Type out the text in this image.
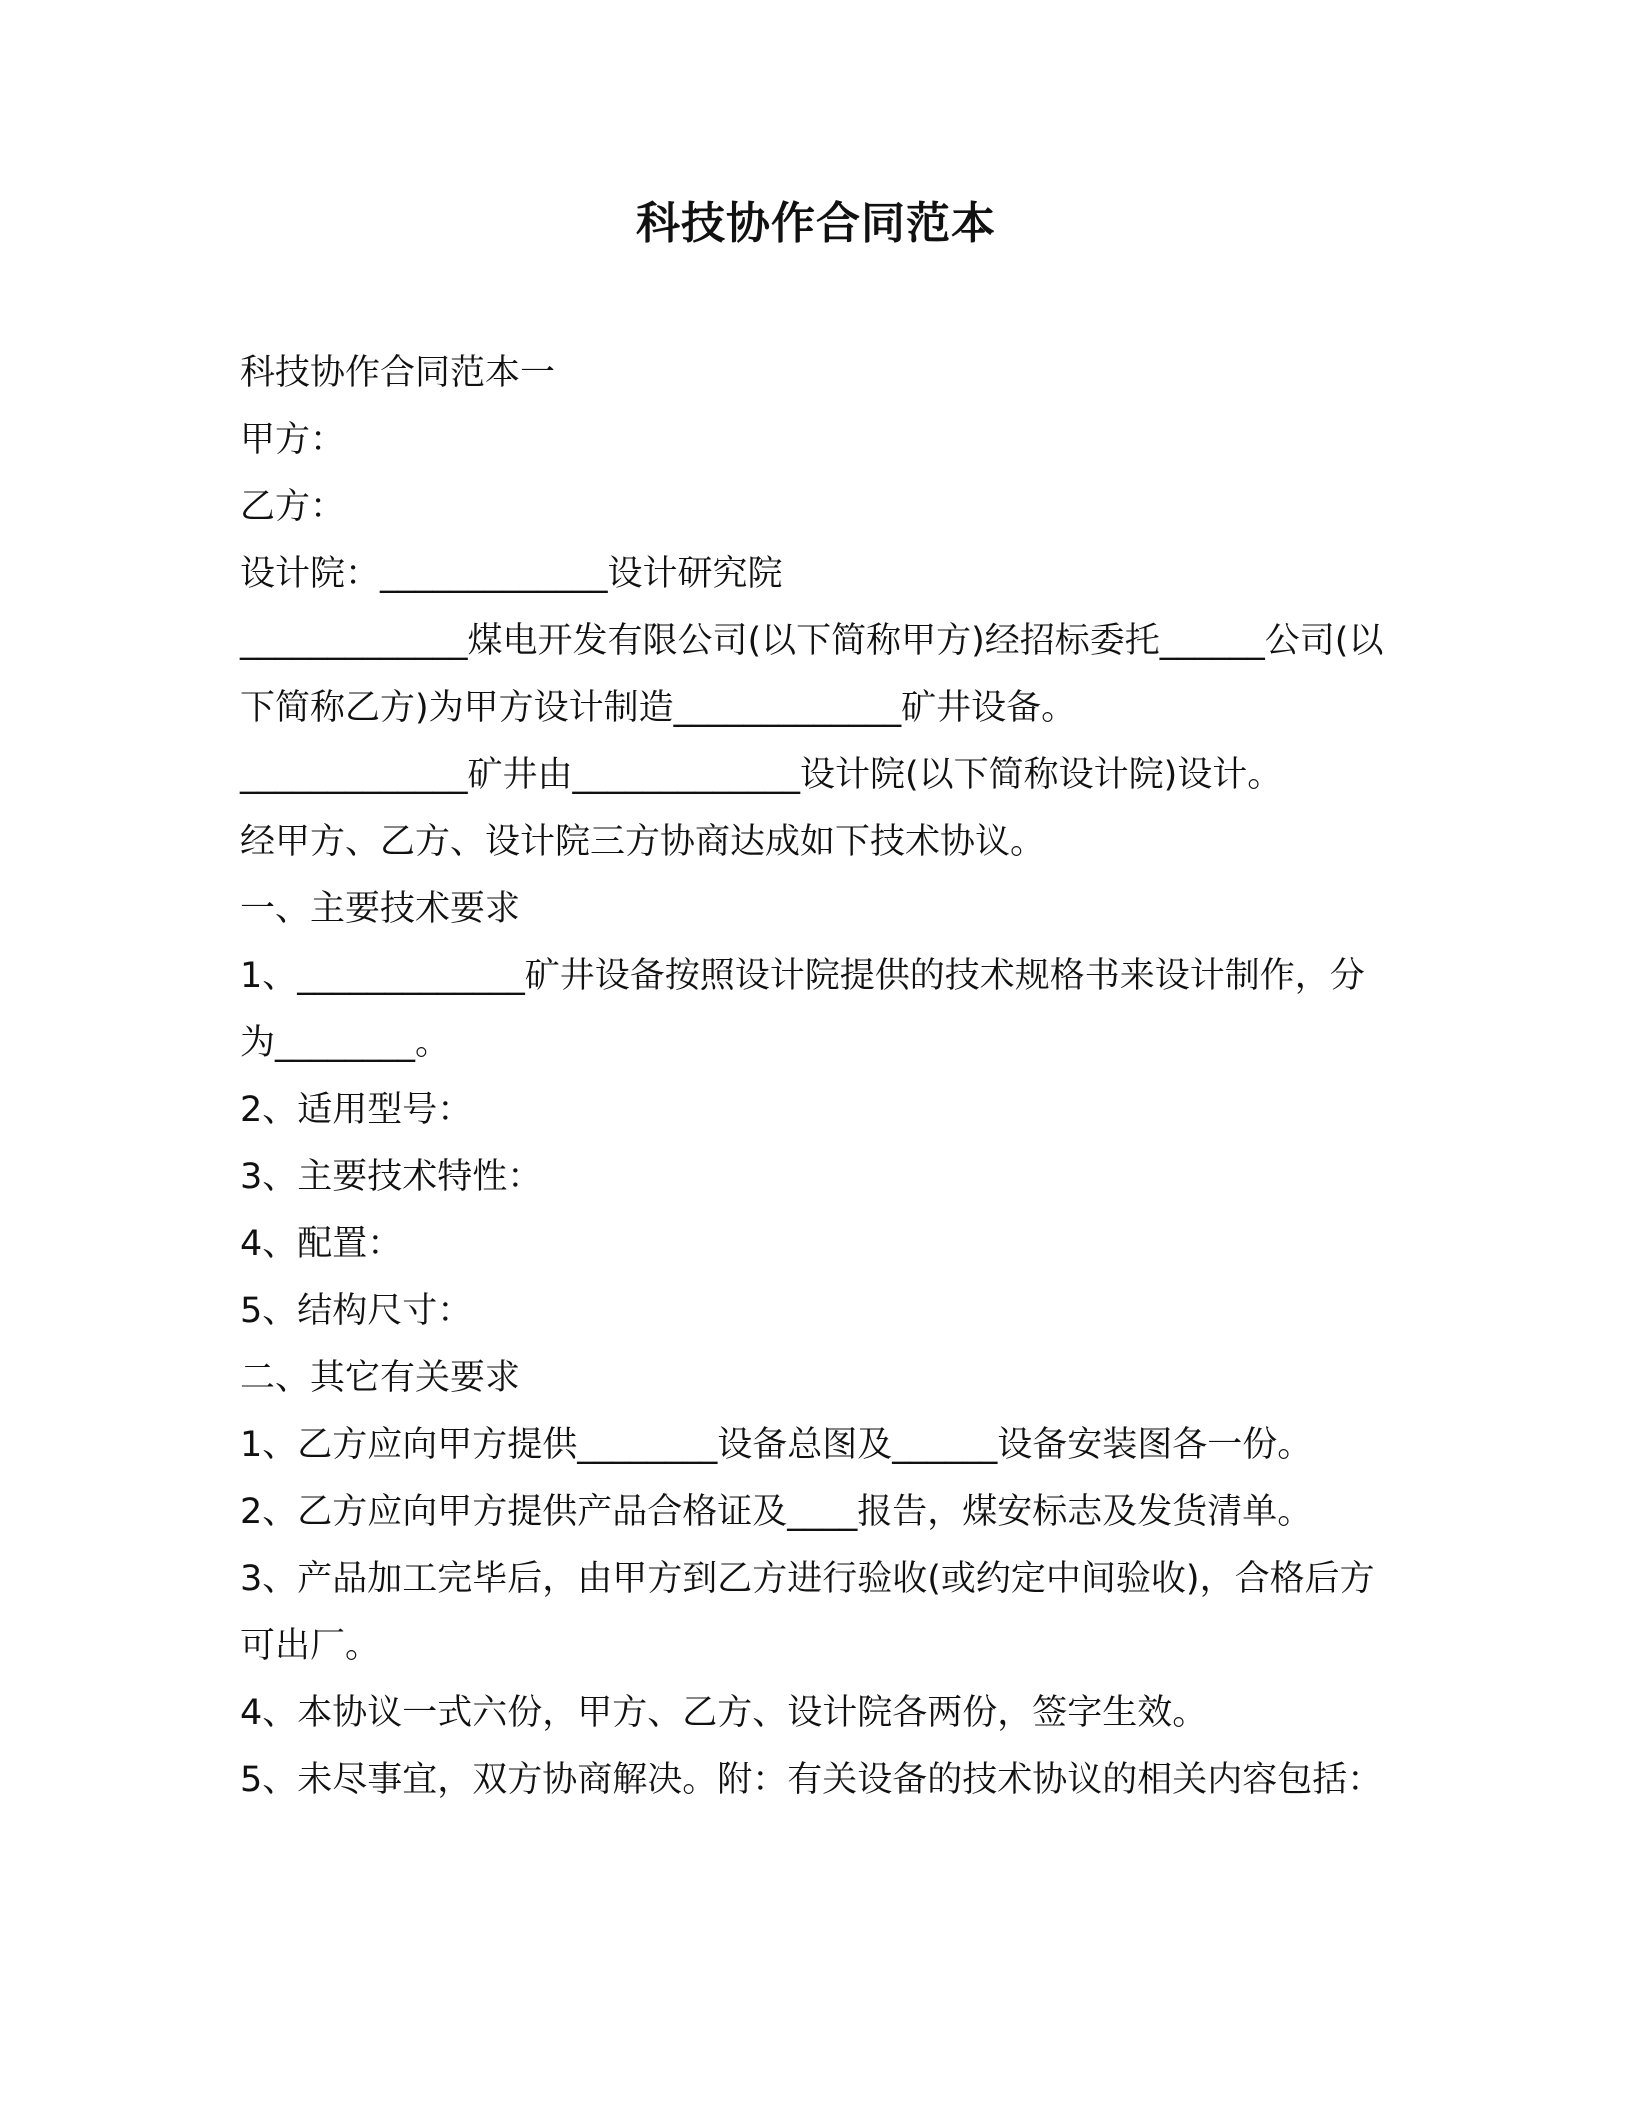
科技协作合同范本

科技协作合同范本一

甲方：

乙方：

设计院：_____________设计研究院

_____________煤电开发有限公司(以下简称甲方)经招标委托______公司(以下简称乙方)为甲方设计制造_____________矿井设备。

_____________矿井由_____________设计院(以下简称设计院)设计。

经甲方、乙方、设计院三方协商达成如下技术协议。

一、主要技术要求

1、_____________矿井设备按照设计院提供的技术规格书来设计制作，分为________。

2、适用型号：

3、主要技术特性：

4、配置：

5、结构尺寸：

二、其它有关要求

1、乙方应向甲方提供________设备总图及______设备安装图各一份。

2、乙方应向甲方提供产品合格证及____报告，煤安标志及发货清单。

3、产品加工完毕后，由甲方到乙方进行验收(或约定中间验收)，合格后方可出厂。

4、本协议一式六份，甲方、乙方、设计院各两份，签字生效。

5、未尽事宜，双方协商解决。附：有关设备的技术协议的相关内容包括：
